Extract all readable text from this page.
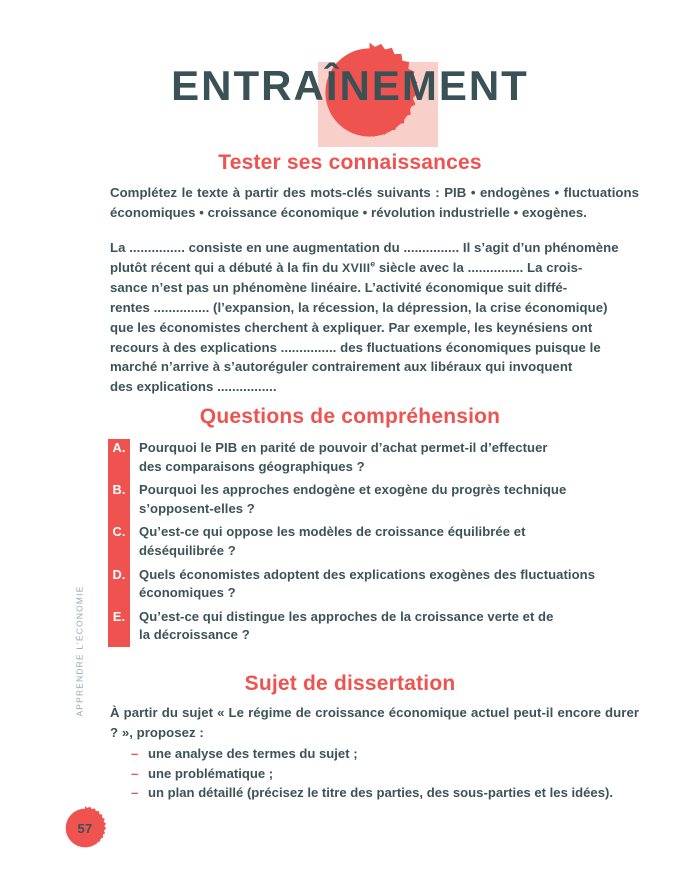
ENTRAÎNEMENT
Tester ses connaissances
Complétez le texte à partir des mots-clés suivants : PIB • endogènes • fluctuations économiques • croissance économique • révolution industrielle • exogènes.
La ............... consiste en une augmentation du ............... Il s’agit d’un phénomène
plutôt récent qui a débuté à la fin du XVIIIe siècle avec la ............... La crois-
sance n’est pas un phénomène linéaire. L’activité économique suit diffé-
rentes ............... (l’expansion, la récession, la dépression, la crise économique)
que les économistes cherchent à expliquer. Par exemple, les keynésiens ont
recours à des explications ............... des fluctuations économiques puisque le
marché n’arrive à s’autoréguler contrairement aux libéraux qui invoquent
des explications ................
Questions de compréhension
A.	Pourquoi le PIB en parité de pouvoir d’achat permet-il d’effectuer
des comparaisons géographiques ?
B.	Pourquoi les approches endogène et exogène du progrès technique
s’opposent-elles ?
C.	Qu’est-ce qui oppose les modèles de croissance équilibrée et
déséquilibrée ?
D.	Quels économistes adoptent des explications exogènes des fluctuations
économiques ?
E.	Qu’est-ce qui distingue les approches de la croissance verte et de
la décroissance ?
Sujet de dissertation
À partir du sujet « Le régime de croissance économique actuel peut-il encore durer ? », proposez :
– une analyse des termes du sujet ;
– une problématique ;
– un plan détaillé (précisez le titre des parties, des sous-parties et les idées).
APPRENDRE L’ÉCONOMIE
57
